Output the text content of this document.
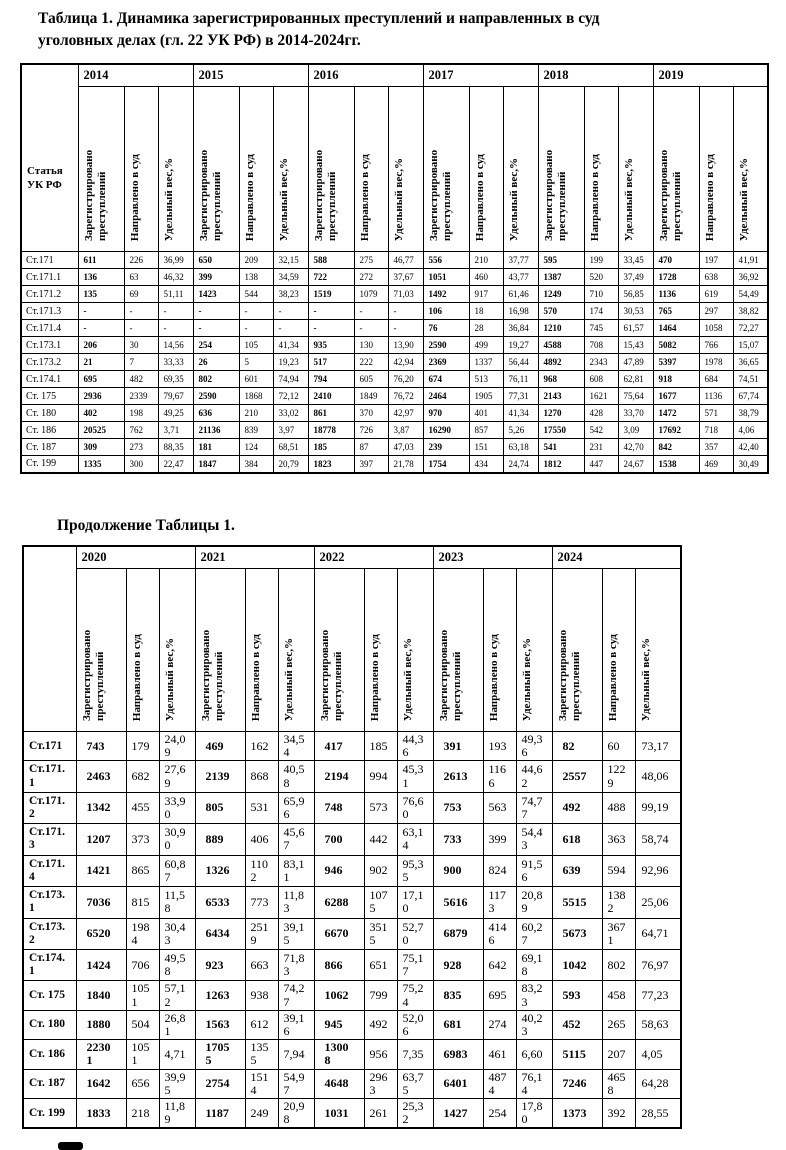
Таблица 1. Динамика зарегистрированных преступлений и направленных в суд
уголовных делах (гл. 22 УК РФ) в 2014-2024гг.
Статья УК РФ	2014			2015			2016			2017			2018			2019		
	Зарегистрировано преступлений	Направлено в суд	Удельный вес,%	Зарегистрировано преступлений	Направлено в суд	Удельный вес,%	Зарегистрировано преступлений	Направлено в суд	Удельный вес,%	Зарегистрировано преступлений	Направлено в суд	Удельный вес,%	Зарегистрировано преступлений	Направлено в суд	Удельный вес,%	Зарегистрировано преступлений	Направлено в суд	Удельный вес,%
Ст.171	611	226	36,99	650	209	32,15	588	275	46,77	556	210	37,77	595	199	33,45	470	197	41,91
Ст.171.1	136	63	46,32	399	138	34,59	722	272	37,67	1051	460	43,77	1387	520	37,49	1728	638	36,92
Ст.171.2	135	69	51,11	1423	544	38,23	1519	1079	71,03	1492	917	61,46	1249	710	56,85	1136	619	54,49
Ст.171.3	-	-	-	-	-	-	-	-	-	106	18	16,98	570	174	30,53	765	297	38,82
Ст.171.4	-	-	-	-	-	-	-	-	-	76	28	36,84	1210	745	61,57	1464	1058	72,27
Ст.173.1	206	30	14,56	254	105	41,34	935	130	13,90	2590	499	19,27	4588	708	15,43	5082	766	15,07
Ст.173.2	21	7	33,33	26	5	19,23	517	222	42,94	2369	1337	56,44	4892	2343	47,89	5397	1978	36,65
Ст.174.1	695	482	69,35	802	601	74,94	794	605	76,20	674	513	76,11	968	608	62,81	918	684	74,51
Ст. 175	2936	2339	79,67	2590	1868	72,12	2410	1849	76,72	2464	1905	77,31	2143	1621	75,64	1677	1136	67,74
Ст. 180	402	198	49,25	636	210	33,02	861	370	42,97	970	401	41,34	1270	428	33,70	1472	571	38,79
Ст. 186	20525	762	3,71	21136	839	3,97	18778	726	3,87	16290	857	5,26	17550	542	3,09	17692	718	4,06
Ст. 187	309	273	88,35	181	124	68,51	185	87	47,03	239	151	63,18	541	231	42,70	842	357	42,40
Ст. 199	1335	300	22,47	1847	384	20,79	1823	397	21,78	1754	434	24,74	1812	447	24,67	1538	469	30,49
Продолжение Таблицы 1.
	2020			2021			2022			2023			2024		
	Зарегистрировано преступлений	Направлено в суд	Удельный вес,%	Зарегистрировано преступлений	Направлено в суд	Удельный вес,%	Зарегистрировано преступлений	Направлено в суд	Удельный вес,%	Зарегистрировано преступлений	Направлено в суд	Удельный вес,%	Зарегистрировано преступлений	Направлено в суд	Удельный вес,%
Ст.171	743	179	24,09	469	162	34,54	417	185	44,36	391	193	49,36	82	60	73,17
Ст.171.1	2463	682	27,69	2139	868	40,58	2194	994	45,31	2613	1166	44,62	2557	1229	48,06
Ст.171.2	1342	455	33,90	805	531	65,96	748	573	76,60	753	563	74,77	492	488	99,19
Ст.171.3	1207	373	30,90	889	406	45,67	700	442	63,14	733	399	54,43	618	363	58,74
Ст.171.4	1421	865	60,87	1326	1102	83,11	946	902	95,35	900	824	91,56	639	594	92,96
Ст.173.1	7036	815	11,58	6533	773	11,83	6288	1075	17,10	5616	1173	20,89	5515	1382	25,06
Ст.173.2	6520	1984	30,43	6434	2519	39,15	6670	3515	52,70	6879	4146	60,27	5673	3671	64,71
Ст.174.1	1424	706	49,58	923	663	71,83	866	651	75,17	928	642	69,18	1042	802	76,97
Ст. 175	1840	1051	57,12	1263	938	74,27	1062	799	75,24	835	695	83,23	593	458	77,23
Ст. 180	1880	504	26,81	1563	612	39,16	945	492	52,06	681	274	40,23	452	265	58,63
Ст. 186	22301	1051	4,71	17055	1355	7,94	13008	956	7,35	6983	461	6,60	5115	207	4,05
Ст. 187	1642	656	39,95	2754	1514	54,97	4648	2963	63,75	6401	4874	76,14	7246	4658	64,28
Ст. 199	1833	218	11,89	1187	249	20,98	1031	261	25,32	1427	254	17,80	1373	392	28,55
